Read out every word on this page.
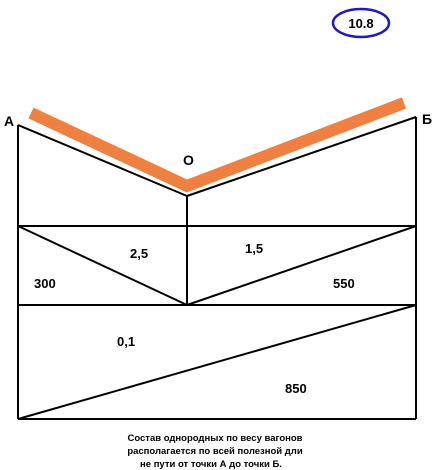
10.8
А	Б
О
2,5	1,5
0,1
300	550
850
Состав однородных по весу вагонов
располагается по всей полезной дли
не пути от точки А до точки Б.
